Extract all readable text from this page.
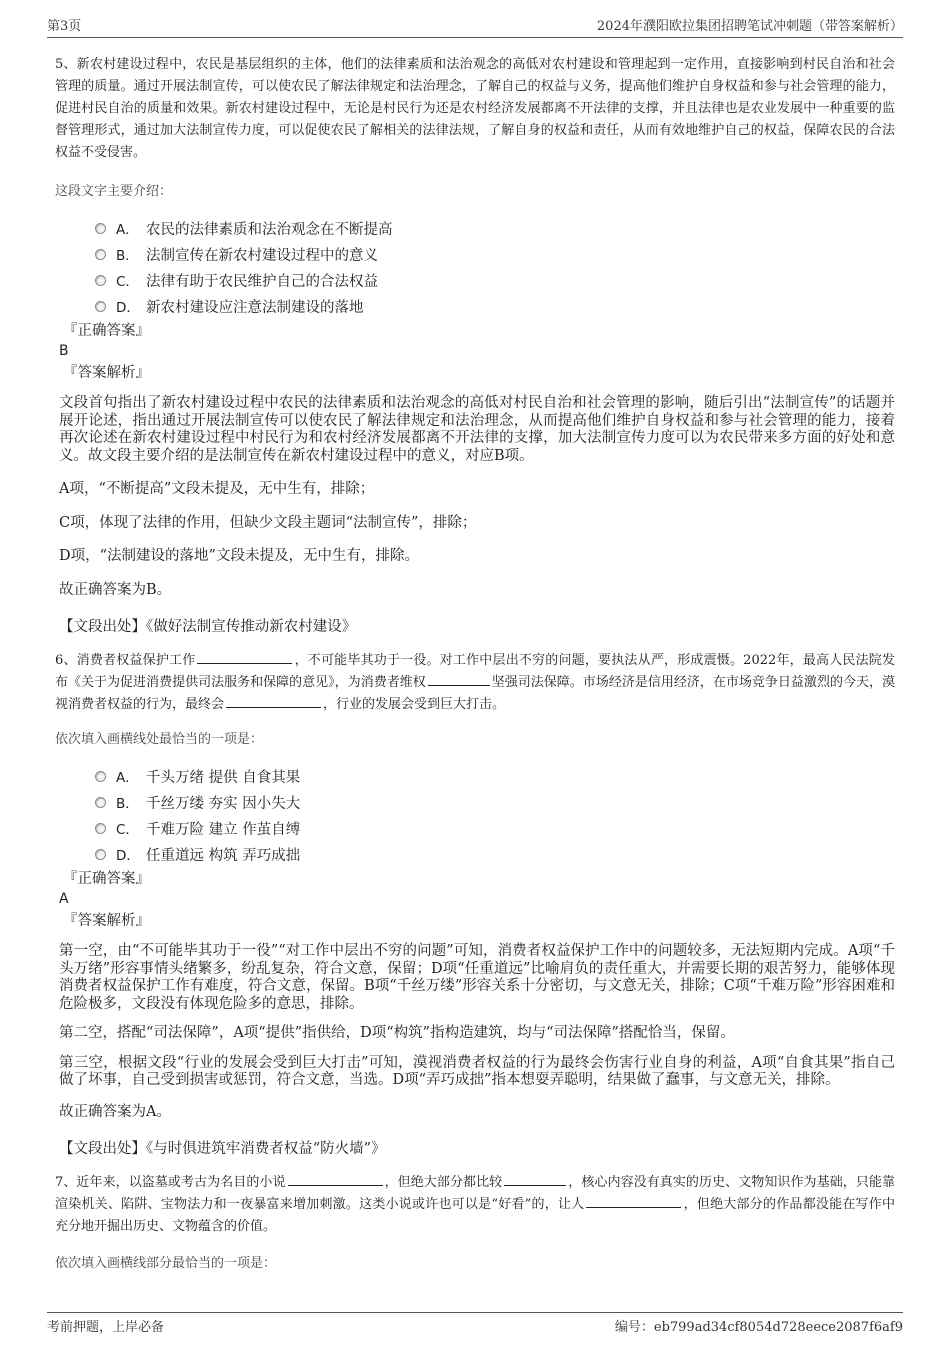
第3页	2024年濮阳欧拉集团招聘笔试冲刺题（带答案解析）

5、新农村建设过程中，农民是基层组织的主体，他们的法律素质和法治观念的高低对农村建设和管理起到一定作用，直接影响到村民自治和社会管理的质量。通过开展法制宣传，可以使农民了解法律规定和法治理念，了解自己的权益与义务，提高他们维护自身权益和参与社会管理的能力，促进村民自治的质量和效果。新农村建设过程中，无论是村民行为还是农村经济发展都离不开法律的支撑，并且法律也是农业发展中一种重要的监督管理形式，通过加大法制宣传力度，可以促使农民了解相关的法律法规，了解自身的权益和责任，从而有效地维护自己的权益，保障农民的合法权益不受侵害。

这段文字主要介绍：
A． 农民的法律素质和法治观念在不断提高
B． 法制宣传在新农村建设过程中的意义
C． 法律有助于农民维护自己的合法权益
D． 新农村建设应注意法制建设的落地
『正确答案』
B
『答案解析』
文段首句指出了新农村建设过程中农民的法律素质和法治观念的高低对村民自治和社会管理的影响，随后引出“法制宣传”的话题并展开论述，指出通过开展法制宣传可以使农民了解法律规定和法治理念，从而提高他们维护自身权益和参与社会管理的能力，接着再次论述在新农村建设过程中村民行为和农村经济发展都离不开法律的支撑，加大法制宣传力度可以为农民带来多方面的好处和意义。故文段主要介绍的是法制宣传在新农村建设过程中的意义，对应B项。
A项，“不断提高”文段未提及，无中生有，排除；
C项，体现了法律的作用，但缺少文段主题词“法制宣传”，排除；
D项，“法制建设的落地”文段未提及，无中生有，排除。
故正确答案为B。
【文段出处】《做好法制宣传推动新农村建设》

6、消费者权益保护工作	，不可能毕其功于一役。对工作中层出不穷的问题，要执法从严，形成震慑。2022年，最高人民法院发布《关于为促进消费提供司法服务和保障的意见》，为消费者维权	坚强司法保障。市场经济是信用经济，在市场竞争日益激烈的今天，漠视消费者权益的行为，最终会	，行业的发展会受到巨大打击。

依次填入画横线处最恰当的一项是：
A． 千头万绪 提供 自食其果
B． 千丝万缕 夯实 因小失大
C． 千难万险 建立 作茧自缚
D． 任重道远 构筑 弄巧成拙
『正确答案』
A
『答案解析』
第一空，由“不可能毕其功于一役”“对工作中层出不穷的问题”可知，消费者权益保护工作中的问题较多，无法短期内完成。A项“千头万绪”形容事情头绪繁多，纷乱复杂，符合文意，保留；D项“任重道远”比喻肩负的责任重大，并需要长期的艰苦努力，能够体现消费者权益保护工作有难度，符合文意，保留。B项“千丝万缕”形容关系十分密切，与文意无关，排除；C项“千难万险”形容困难和危险极多，文段没有体现危险多的意思，排除。
第二空，搭配“司法保障”，A项“提供”指供给，D项“构筑”指构造建筑，均与“司法保障”搭配恰当，保留。
第三空，根据文段“行业的发展会受到巨大打击”可知，漠视消费者权益的行为最终会伤害行业自身的利益，A项“自食其果”指自己做了坏事，自己受到损害或惩罚，符合文意，当选。D项“弄巧成拙”指本想耍弄聪明，结果做了蠢事，与文意无关，排除。
故正确答案为A。
【文段出处】《与时俱进筑牢消费者权益“防火墙”》

7、近年来，以盗墓或考古为名目的小说	，但绝大部分都比较	，核心内容没有真实的历史、文物知识作为基础，只能靠渲染机关、陷阱、宝物法力和一夜暴富来增加刺激。这类小说或许也可以是“好看”的，让人	，但绝大部分的作品都没能在写作中充分地开掘出历史、文物蕴含的价值。

依次填入画横线部分最恰当的一项是：
考前押题，上岸必备	编号：eb799ad34cf8054d728eece2087f6af9
